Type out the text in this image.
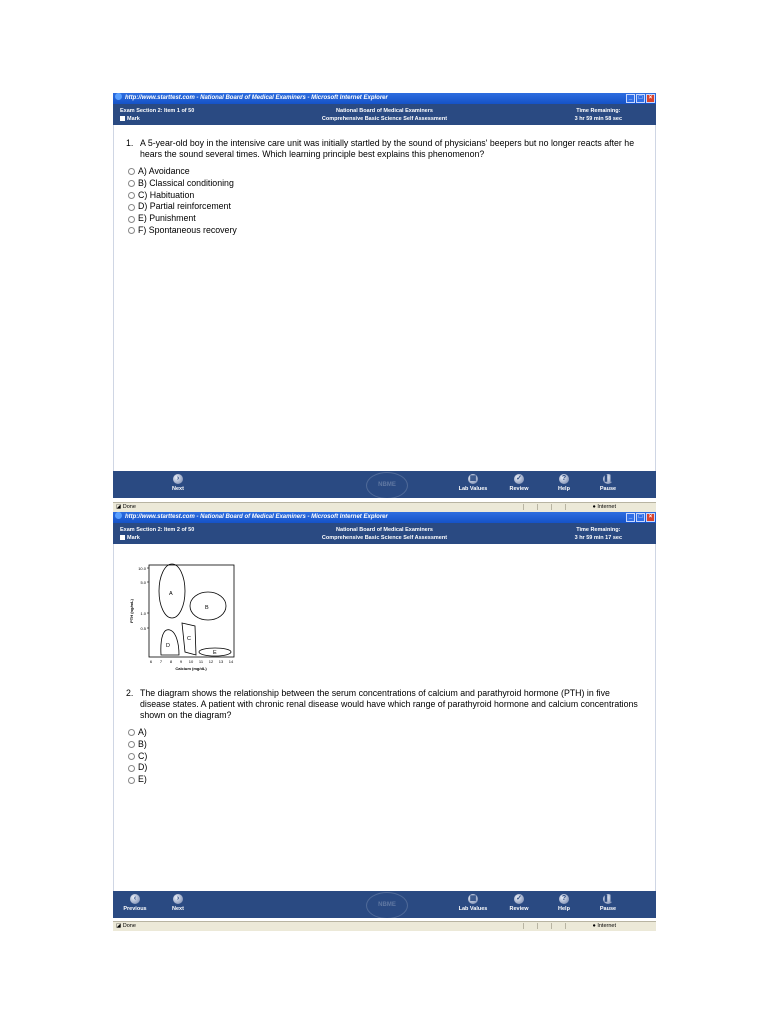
http://www.starttest.com - National Board of Medical Examiners - Microsoft Internet Explorer	_	□	×
Exam Section 2: Item 1 of 50
Mark
National Board of Medical Examiners
Comprehensive Basic Science Self Assessment
Time Remaining:
3 hr 59 min 58 sec
1. A 5-year-old boy in the intensive care unit was initially startled by the sound of physicians' beepers but no longer reacts after he hears the sound several times. Which learning principle best explains this phenomenon?
A) Avoidance
B) Classical conditioning
C) Habituation
D) Partial reinforcement
E) Punishment
F) Spontaneous recovery
NBME
›
Next
▦
Lab Values
✓
Review
?
Help
❚❚
Pause
◪ Done	● Internet
http://www.starttest.com - National Board of Medical Examiners - Microsoft Internet Explorer	_	□	×
Exam Section 2: Item 2 of 50
Mark
National Board of Medical Examiners
Comprehensive Basic Science Self Assessment
Time Remaining:
3 hr 59 min 17 sec
10.0
5.0
1.0
0.5
PTH (ng/mL)
6 7 8 9 10 11 12 13 14
Calcium (mg/dL)
A
B
C
D
E
2. The diagram shows the relationship between the serum concentrations of calcium and parathyroid hormone (PTH) in five disease states. A patient with chronic renal disease would have which range of parathyroid hormone and calcium concentrations shown on the diagram?
A)
B)
C)
D)
E)
NBME
‹
Previous
›
Next
▦
Lab Values
✓
Review
?
Help
❚❚
Pause
◪ Done	● Internet
